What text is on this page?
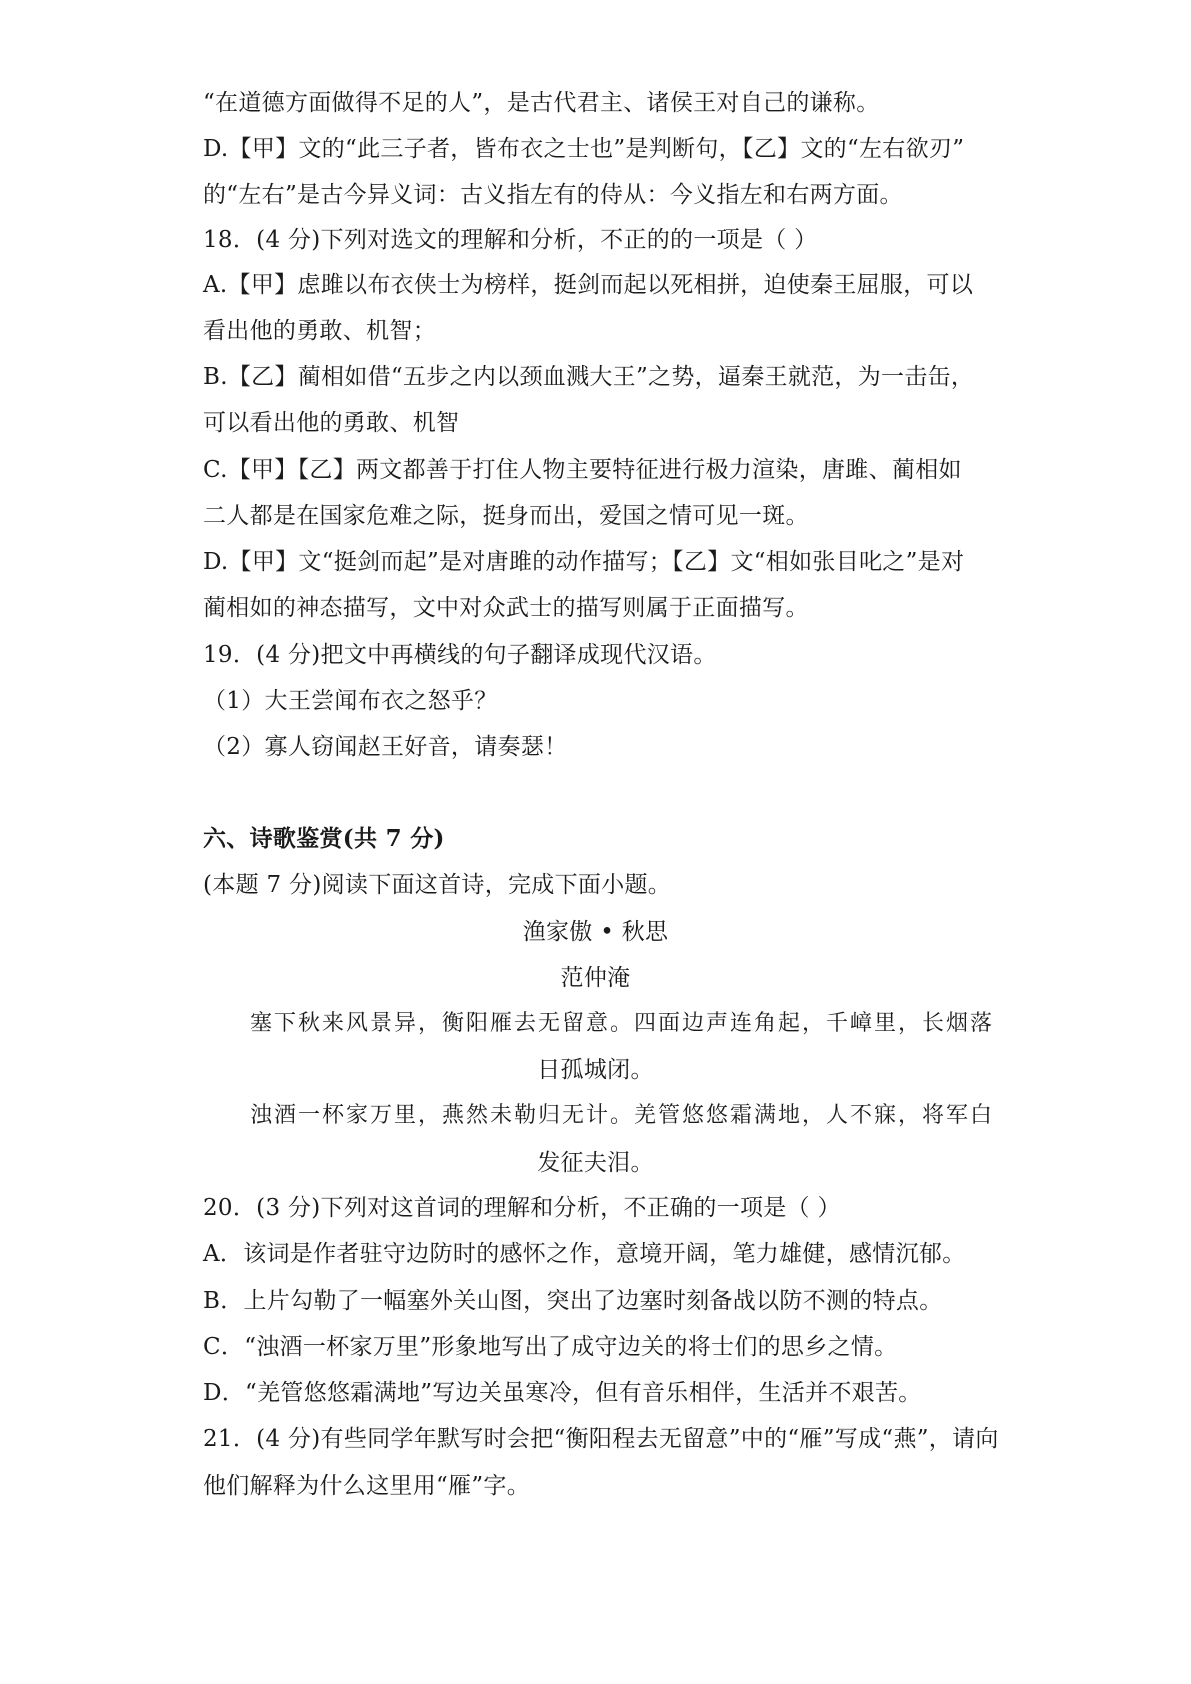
“在道德方面做得不足的人”，是古代君主、诸侯王对自己的谦称。
D.【甲】文的“此三子者，皆布衣之士也”是判断句，【乙】文的“左右欲刃”
的“左右”是古今异义词：古义指左有的侍从：今义指左和右两方面。
18．(4 分)下列对选文的理解和分析，不正的的一项是（ ）
A.【甲】虑雎以布衣侠士为榜样，挺剑而起以死相拼，迫使秦王屈服，可以
看出他的勇敢、机智；
B.【乙】蔺相如借“五步之内以颈血溅大王”之势，逼秦王就范，为一击缶，
可以看出他的勇敢、机智
C.【甲】【乙】两文都善于打住人物主要特征进行极力渲染，唐雎、蔺相如
二人都是在国家危难之际，挺身而出，爱国之情可见一斑。
D.【甲】文“挺剑而起”是对唐雎的动作描写；【乙】文“相如张目叱之”是对
蔺相如的神态描写，文中对众武士的描写则属于正面描写。
19．(4 分)把文中再横线的句子翻译成现代汉语。
（1）大王尝闻布衣之怒乎？
（2）寡人窃闻赵王好音，请奏瑟！
六、诗歌鉴赏(共 7 分)
(本题 7 分)阅读下面这首诗，完成下面小题。
渔家傲 • 秋思
范仲淹
塞下秋来风景异，衡阳雁去无留意。四面边声连角起，千嶂里，长烟落
日孤城闭。
浊酒一杯家万里，燕然未勒归无计。羌管悠悠霜满地，人不寐，将军白
发征夫泪。
20．(3 分)下列对这首词的理解和分析，不正确的一项是（ ）
A．该词是作者驻守边防时的感怀之作，意境开阔，笔力雄健，感情沉郁。
B．上片勾勒了一幅塞外关山图，突出了边塞时刻备战以防不测的特点。
C．“浊酒一杯家万里”形象地写出了成守边关的将士们的思乡之情。
D．“羌管悠悠霜满地”写边关虽寒冷，但有音乐相伴，生活并不艰苦。
21．(4 分)有些同学年默写时会把“衡阳程去无留意”中的“雁”写成“燕”，请向
他们解释为什么这里用“雁”字。
